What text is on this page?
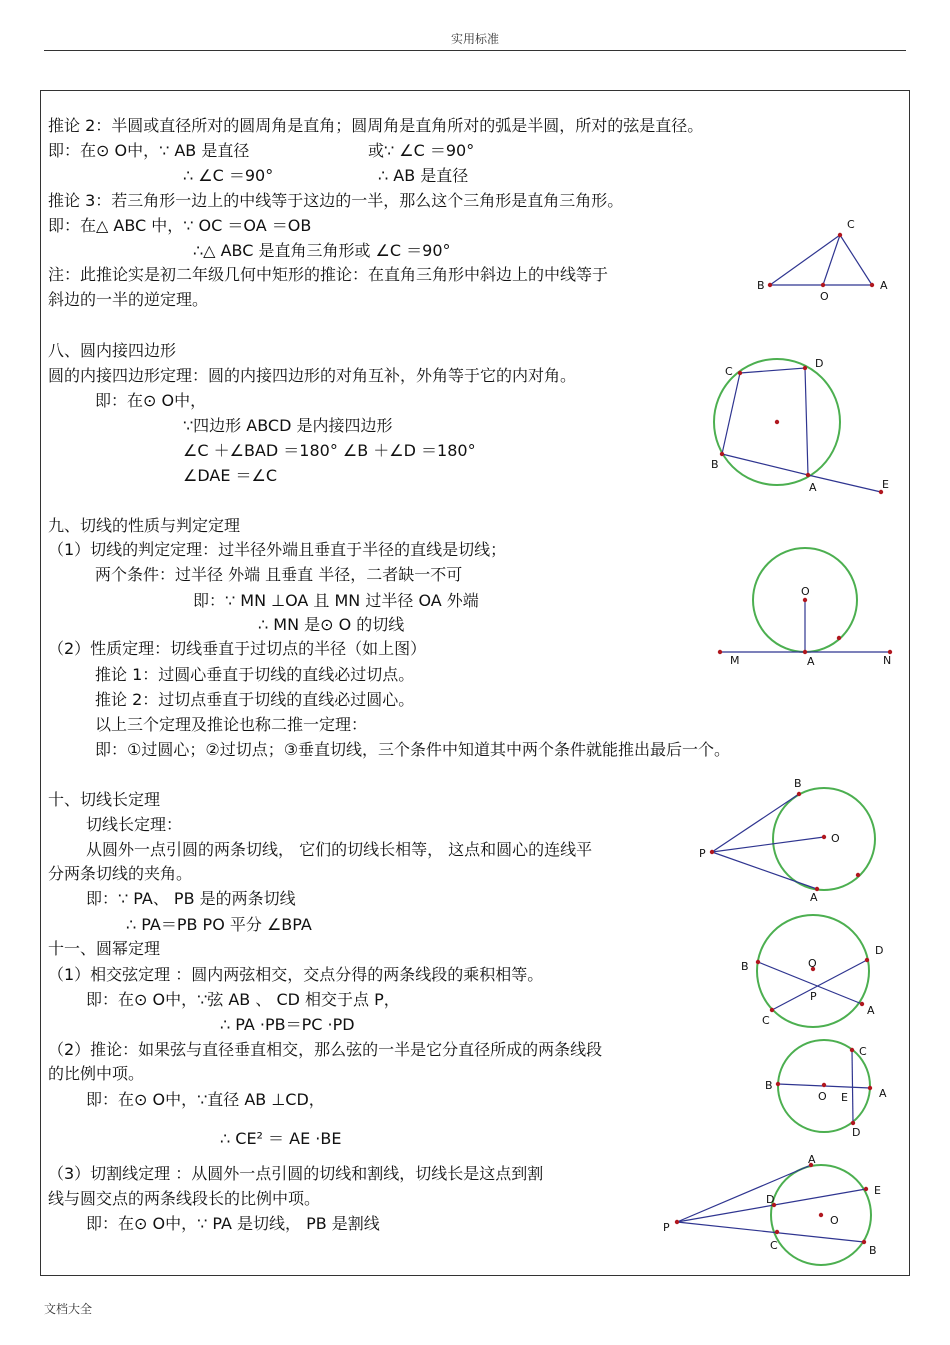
实用标准
推论 2：半圆或直径所对的圆周角是直角；圆周角是直角所对的弧是半圆，所对的弦是直径。
即：在⊙ O中，∵ AB 是直径	或∵ ∠C ＝90°
∴ ∠C ＝90°	∴ AB 是直径
推论 3：若三角形一边上的中线等于这边的一半，那么这个三角形是直角三角形。
即：在△ ABC 中，∵ OC ＝OA ＝OB
∴△ ABC 是直角三角形或 ∠C ＝90°
注：此推论实是初二年级几何中矩形的推论：在直角三角形中斜边上的中线等于
斜边的一半的逆定理。
八、圆内接四边形
圆的内接四边形定理：圆的内接四边形的对角互补，外角等于它的内对角。
即：在⊙ O中，
∵四边形 ABCD 是内接四边形
∠C ＋∠BAD ＝180° ∠B ＋∠D ＝180°
∠DAE ＝∠C
九、切线的性质与判定定理
（1）切线的判定定理：过半径外端且垂直于半径的直线是切线；
两个条件：过半径 外端 且垂直 半径，二者缺一不可
即：∵ MN ⊥OA 且 MN 过半径 OA 外端
∴ MN 是⊙ O 的切线
（2）性质定理：切线垂直于过切点的半径（如上图）
推论 1：过圆心垂直于切线的直线必过切点。
推论 2：过切点垂直于切线的直线必过圆心。
以上三个定理及推论也称二推一定理：
即：①过圆心；②过切点；③垂直切线，三个条件中知道其中两个条件就能推出最后一个。
十、切线长定理
切线长定理：
从圆外一点引圆的两条切线， 它们的切线长相等， 这点和圆心的连线平
分两条切线的夹角。
即：∵ PA、 PB 是的两条切线
∴ PA＝PB PO 平分 ∠BPA
十一、圆幂定理
（1）相交弦定理 ：圆内两弦相交，交点分得的两条线段的乘积相等。
即：在⊙ O中，∵弦 AB 、 CD 相交于点 P，
∴ PA ·PB＝PC ·PD
（2）推论：如果弦与直径垂直相交，那么弦的一半是它分直径所成的两条线段
的比例中项。
即：在⊙ O中，∵直径 AB ⊥CD，
∴ CE² ＝ AE ·BE
（3）切割线定理 ：从圆外一点引圆的切线和割线，切线长是这点到割
线与圆交点的两条线段长的比例中项。
即：在⊙ O中，∵ PA 是切线， PB 是割线
C
B
O
A
C
D
B
A	E
O
M	A	N
B
O
P
A
B	O
D
P
C
A
C
B
A
O E
D
A
E
D
P
O
C	B
文档大全
